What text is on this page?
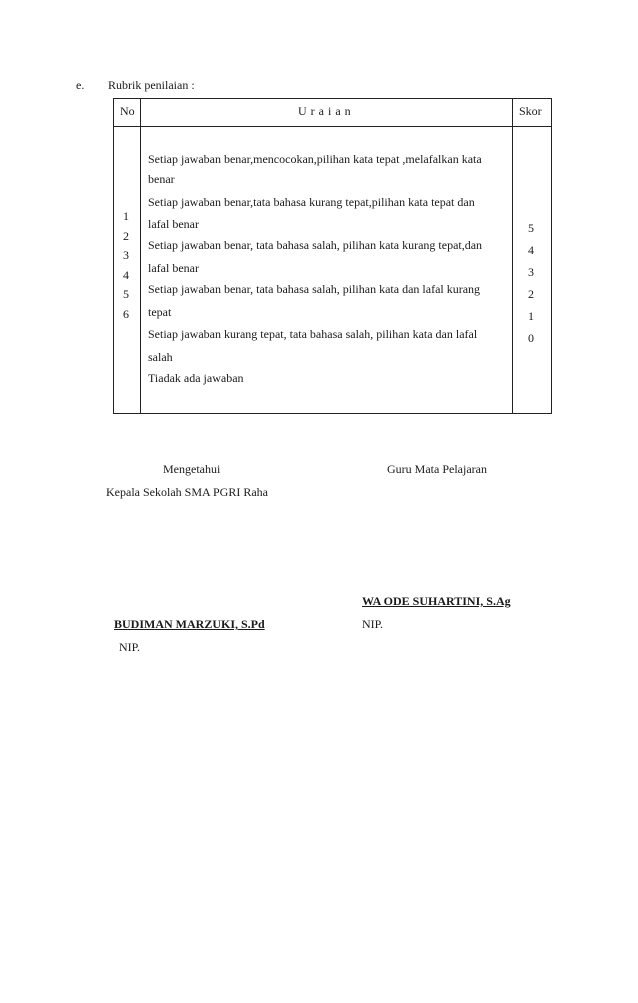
e. Rubrik penilaian :
No	U r a i a n	Skor
1
2
3
4
5
6
Setiap jawaban benar,mencocokan,pilihan kata tepat ,melafalkan kata
benar
Setiap jawaban benar,tata bahasa kurang tepat,pilihan kata tepat dan
lafal benar
Setiap jawaban benar, tata bahasa salah, pilihan kata kurang tepat,dan
lafal benar
Setiap jawaban benar, tata bahasa salah, pilihan kata dan lafal kurang
tepat
Setiap jawaban kurang tepat, tata bahasa salah, pilihan kata dan lafal
salah
Tiadak ada jawaban
5
4
3
2
1
0
Mengetahui
Kepala Sekolah SMA PGRI Raha
BUDIMAN MARZUKI, S.Pd
NIP.
Guru Mata Pelajaran
WA ODE SUHARTINI, S.Ag
NIP.
